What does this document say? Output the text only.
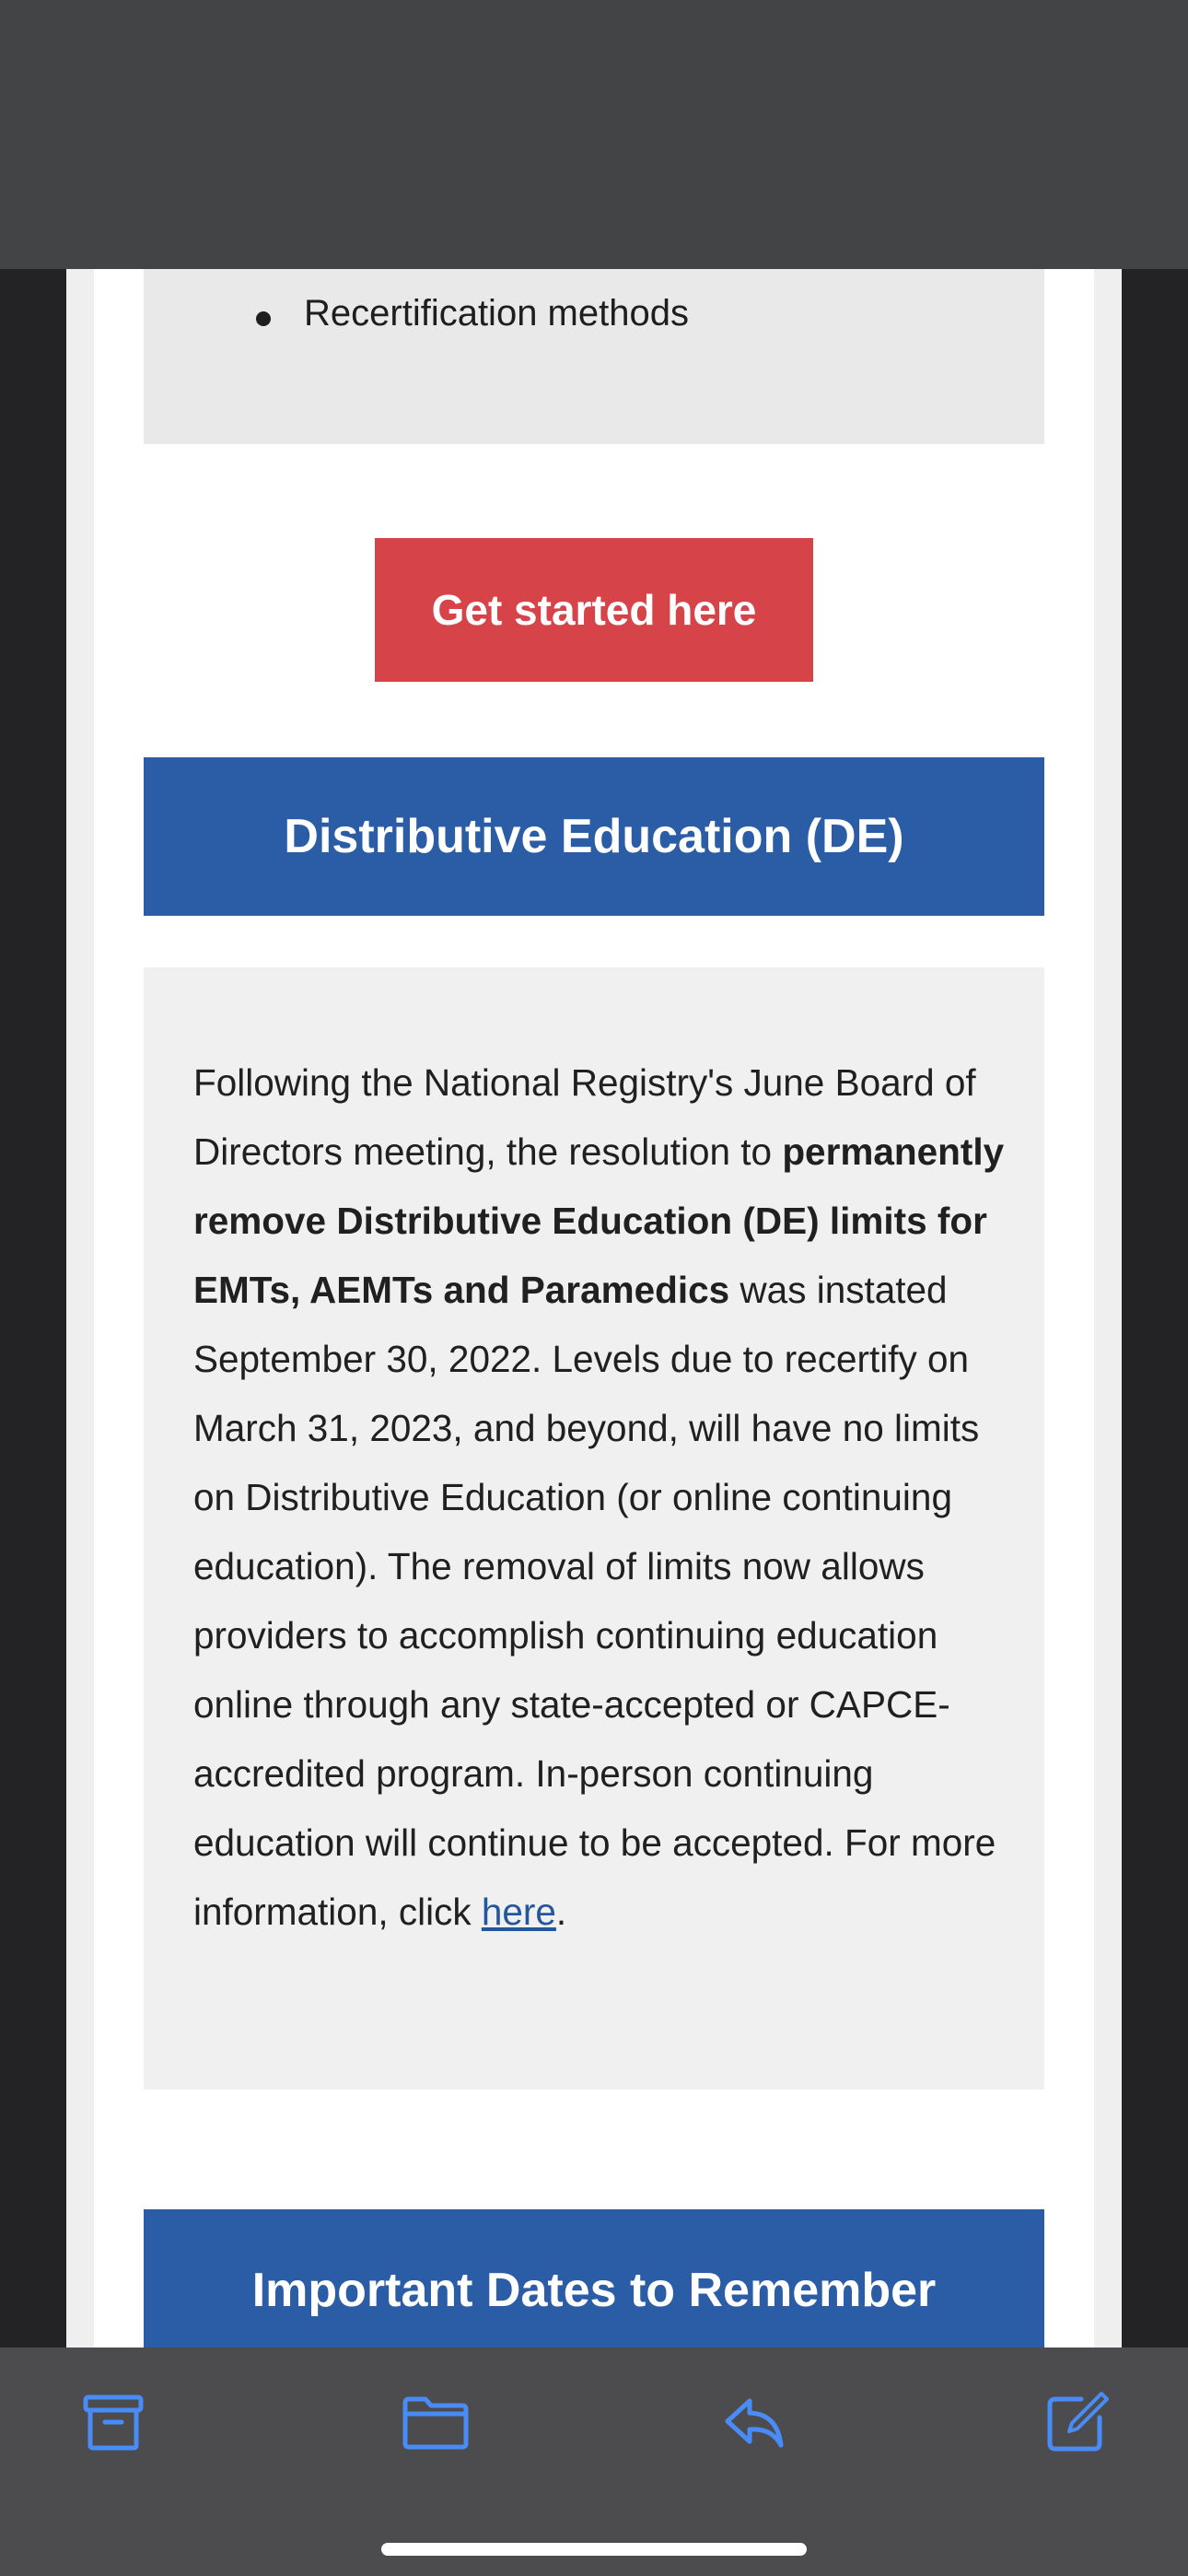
Recertification methods
Get started here
Distributive Education (DE)
Following the National Registry's June Board of Directors meeting, the resolution to permanently remove Distributive Education (DE) limits for EMTs, AEMTs and Paramedics was instated September 30, 2022. Levels due to recertify on March 31, 2023, and beyond, will have no limits on Distributive Education (or online continuing education). The removal of limits now allows providers to accomplish continuing education online through any state-accepted or CAPCE-accredited program. In-person continuing education will continue to be accepted. For more information, click here.
Important Dates to Remember
